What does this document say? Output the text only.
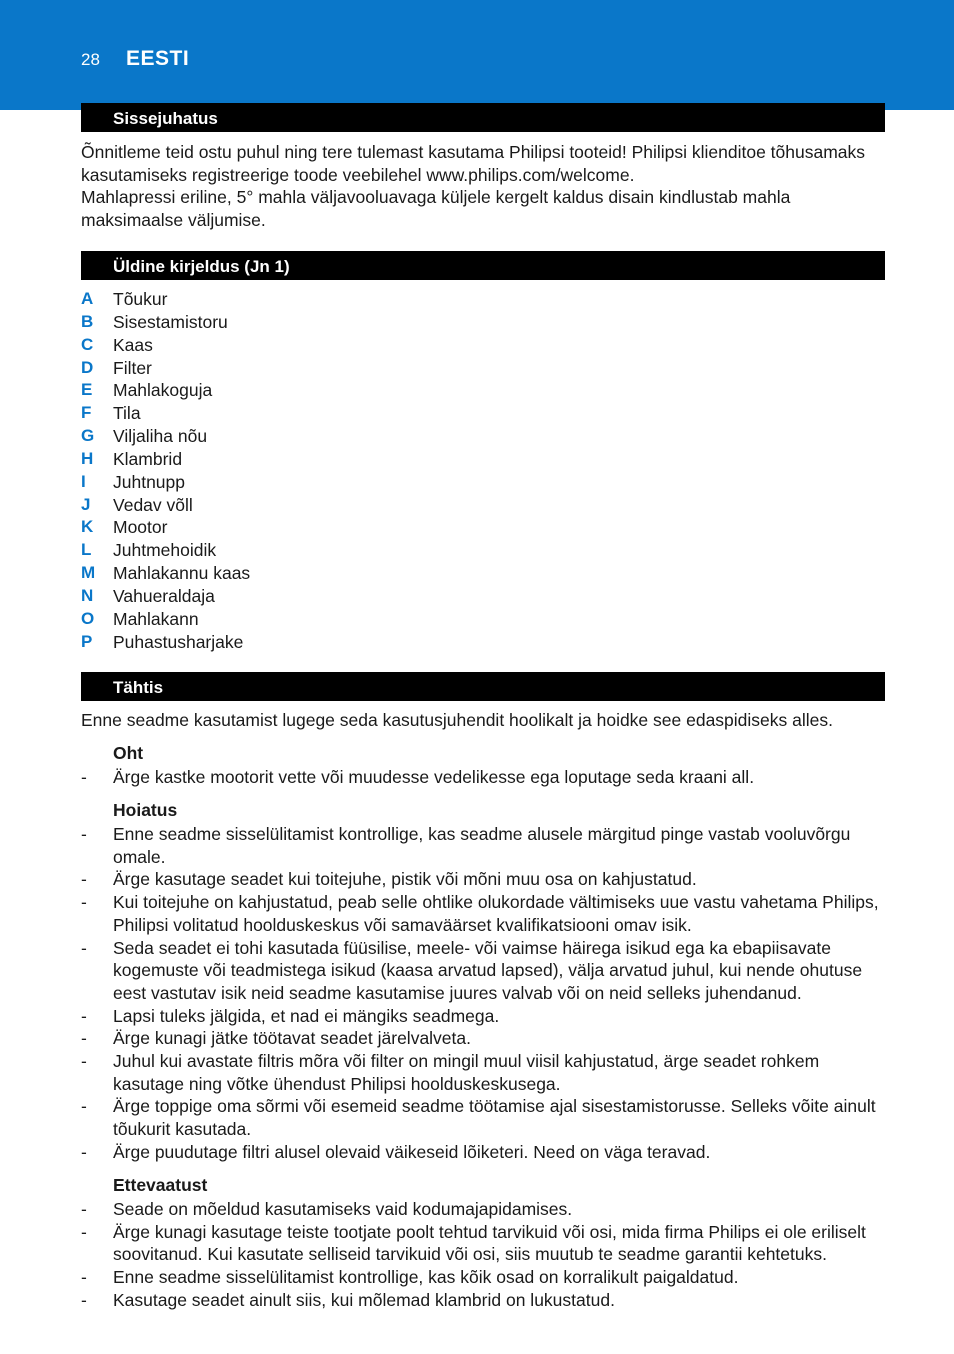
28 EESTI
Sissejuhatus

Õnnitleme teid ostu puhul ning tere tulemast kasutama Philipsi tooteid! Philipsi klienditoe tõhusamaks kasutamiseks registreerige toode veebilehel www.philips.com/welcome.

Mahlapressi eriline, 5° mahla väljavooluavaga küljele kergelt kaldus disain kindlustab mahla maksimaalse väljumise.

Üldine kirjeldus (Jn 1)
A	Tõukur
B	Sisestamistoru
C	Kaas
D	Filter
E	Mahlakoguja
F	Tila
G	Viljaliha nõu
H	Klambrid
I	Juhtnupp
J	Vedav võll
K	Mootor
L	Juhtmehoidik
M	Mahlakannu kaas
N	Vahueraldaja
O	Mahlakann
P	Puhastusharjake
Tähtis
Enne seadme kasutamist lugege seda kasutusjuhendit hoolikalt ja hoidke see edaspidiseks alles.
Oht
-	Ärge kastke mootorit vette või muudesse vedelikesse ega loputage seda kraani all.
Hoiatus
-	Enne seadme sisselülitamist kontrollige, kas seadme alusele märgitud pinge vastab vooluvõrgu omale.
-	Ärge kasutage seadet kui toitejuhe, pistik või mõni muu osa on kahjustatud.
-	Kui toitejuhe on kahjustatud, peab selle ohtlike olukordade vältimiseks uue vastu vahetama Philips, Philipsi volitatud hoolduskeskus või samaväärset kvalifikatsiooni omav isik.
-	Seda seadet ei tohi kasutada füüsilise, meele- või vaimse häirega isikud ega ka ebapiisavate kogemuste või teadmistega isikud (kaasa arvatud lapsed), välja arvatud juhul, kui nende ohutuse eest vastutav isik neid seadme kasutamise juures valvab või on neid selleks juhendanud.
-	Lapsi tuleks jälgida, et nad ei mängiks seadmega.
-	Ärge kunagi jätke töötavat seadet järelvalveta.
-	Juhul kui avastate filtris mõra või filter on mingil muul viisil kahjustatud, ärge seadet rohkem kasutage ning võtke ühendust Philipsi hoolduskeskusega.
-	Ärge toppige oma sõrmi või esemeid seadme töötamise ajal sisestamistorusse. Selleks võite ainult tõukurit kasutada.
-	Ärge puudutage filtri alusel olevaid väikeseid lõiketeri. Need on väga teravad.
Ettevaatust
-	Seade on mõeldud kasutamiseks vaid kodumajapidamises.
-	Ärge kunagi kasutage teiste tootjate poolt tehtud tarvikuid või osi, mida firma Philips ei ole eriliselt soovitanud. Kui kasutate selliseid tarvikuid või osi, siis muutub te seadme garantii kehtetuks.
-	Enne seadme sisselülitamist kontrollige, kas kõik osad on korralikult paigaldatud.
-	Kasutage seadet ainult siis, kui mõlemad klambrid on lukustatud.
